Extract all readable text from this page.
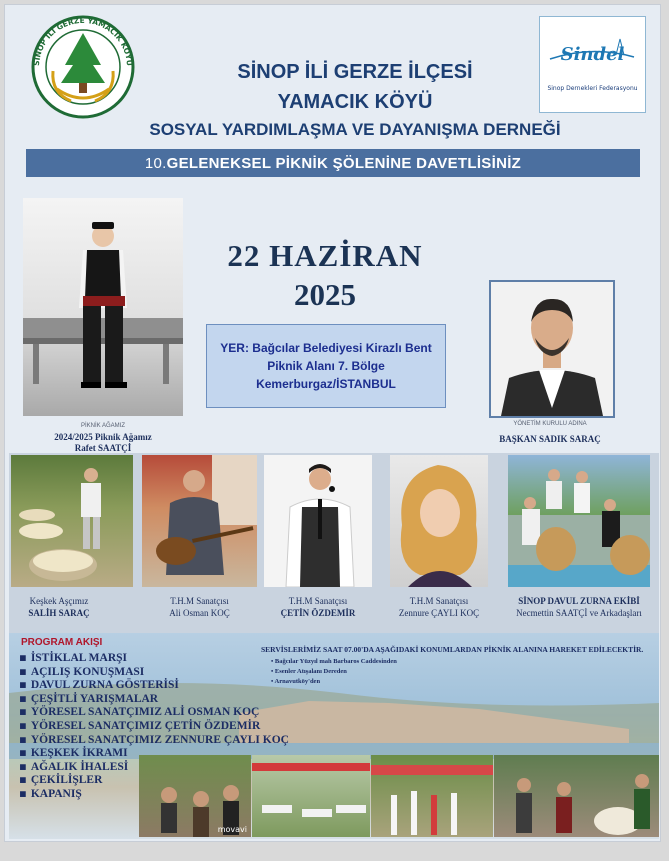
SİNOP İLİ GERZE YAMACIK KÖYÜ	Sindel
Sinop Dernekleri Federasyonu
SİNOP İLİ GERZE İLÇESİ
YAMACIK KÖYÜ
SOSYAL YARDIMLAŞMA VE DAYANIŞMA DERNEĞİ
10. GELENEKSEL PİKNİK ŞÖLENİNE DAVETLİSİNİZ
PİKNİK AĞAMIZ
2024/2025 Piknik Ağamız
Rafet SAATÇİ
22 HAZİRAN
2025
YER: Bağcılar Belediyesi Kirazlı Bent
Piknik Alanı 7. Bölge
Kemerburgaz/İSTANBUL
YÖNETİM KURULU ADINA
BAŞKAN SADIK SARAÇ
Keşkek Aşçımız
SALİH SARAÇ
T.H.M Sanatçısı
Ali Osman KOÇ
T.H.M Sanatçısı
ÇETİN ÖZDEMİR
T.H.M Sanatçısı
Zennure ÇAYLI KOÇ
SİNOP DAVUL ZURNA EKİBİ
Necmettin SAATÇİ ve Arkadaşları
PROGRAM AKIŞI
▪ İSTİKLAL MARŞI
▪ AÇILIŞ KONUŞMASI
▪ DAVUL ZURNA GÖSTERİSİ
▪ ÇEŞİTLİ YARIŞMALAR
▪ YÖRESEL SANATÇIMIZ ALİ OSMAN KOÇ
▪ YÖRESEL SANATÇIMIZ ÇETİN ÖZDEMİR
▪ YÖRESEL SANATÇIMIZ ZENNURE ÇAYLI KOÇ
▪ KEŞKEK İKRAMI
▪ AĞALIK İHALESİ
▪ ÇEKİLİŞLER
▪ KAPANIŞ
SERVİSLERİMİZ SAAT 07.00'DA AŞAĞIDAKİ KONUMLARDAN PİKNİK ALANINA HAREKET EDİLECEKTİR.
• Bağcılar Yüzyıl mah Barbaros Caddesinden
• Esenler Atışalanı Dereden
• Arnavutköy'den
movavi
